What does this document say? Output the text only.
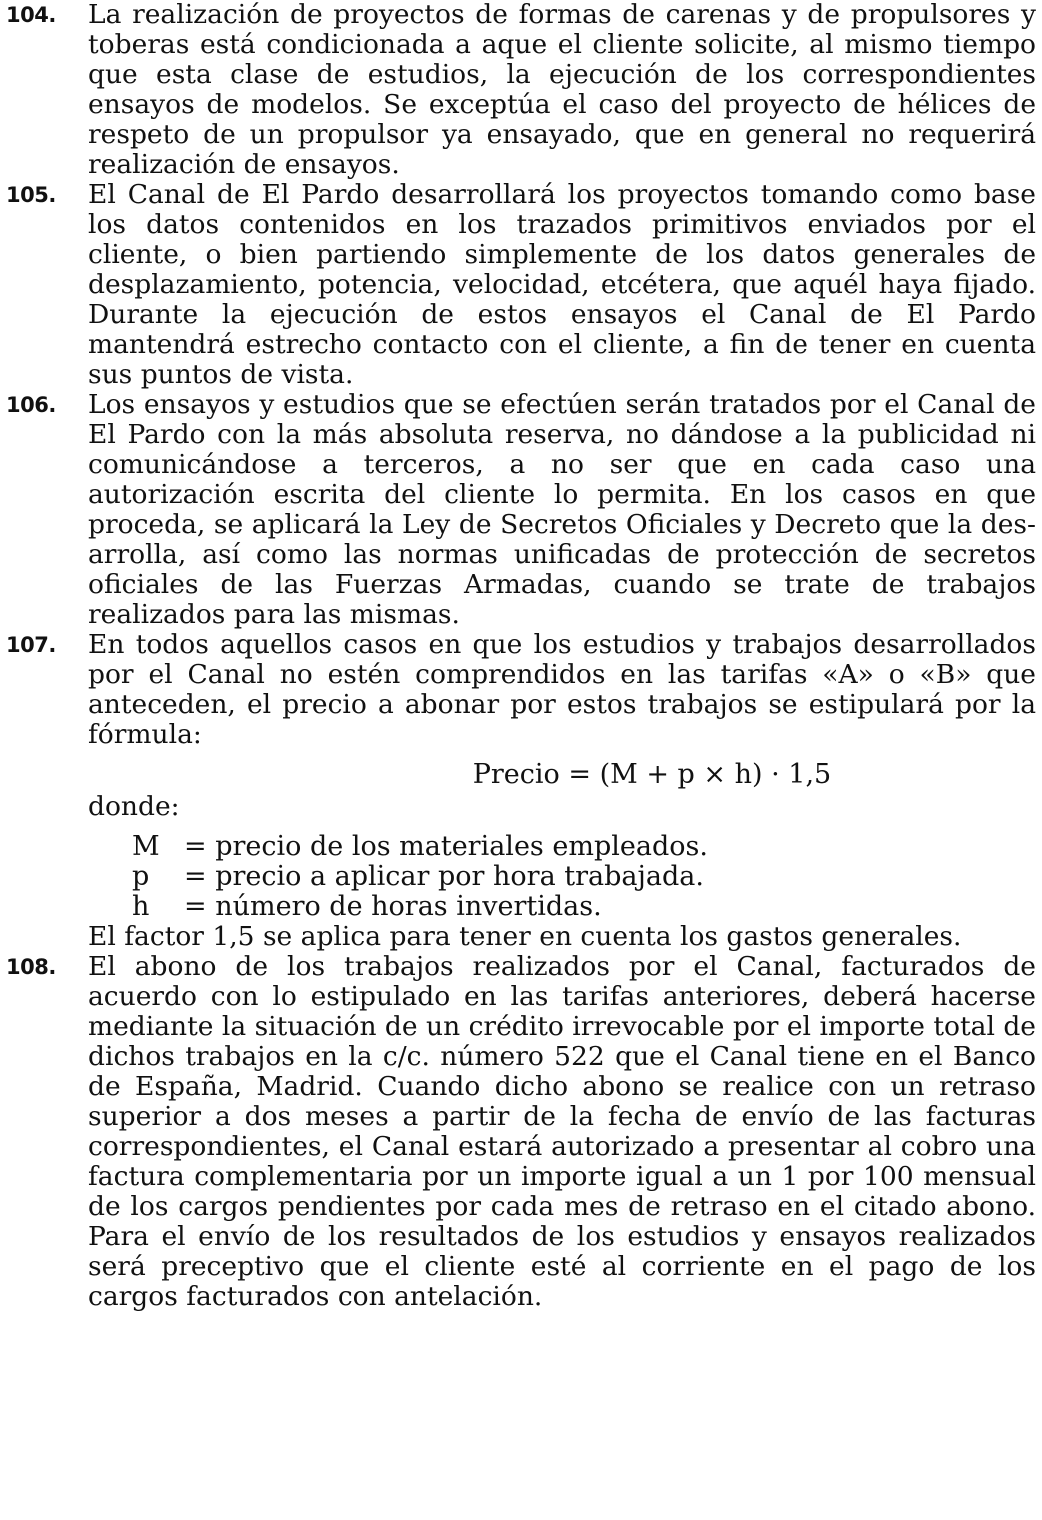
104. La realización de proyectos de formas de carenas y de propulsores y toberas está condicionada a aque el cliente solicite, al mismo tiempo que esta clase de estudios, la ejecución de los correspondientes ensayos de modelos. Se exceptúa el caso del proyecto de hélices de respeto de un propulsor ya ensayado, que en general no requerirá realización de ensayos.

105. El Canal de El Pardo desarrollará los proyectos tomando como base los datos contenidos en los trazados primitivos enviados por el cliente, o bien partiendo simplemente de los datos generales de desplazamiento, potencia, velocidad, etcétera, que aquél haya fijado. Durante la ejecución de estos ensayos el Canal de El Pardo mantendrá estrecho contacto con el cliente, a fin de tener en cuenta sus puntos de vista.

106. Los ensayos y estudios que se efectúen serán tratados por el Canal de El Pardo con la más absoluta reserva, no dándose a la publicidad ni comunicándose a terceros, a no ser que en cada caso una autorización escrita del cliente lo permita. En los casos en que proceda, se aplicará la Ley de Secretos Oficiales y Decreto que la desarrolla, así como las normas unificadas de protección de secretos oficiales de las Fuerzas Armadas, cuando se trate de trabajos realizados para las mismas.

107. En todos aquellos casos en que los estudios y trabajos desarrollados por el Canal no estén comprendidos en las tarifas «A» o «B» que anteceden, el precio a abonar por estos trabajos se estipulará por la fórmula:

Precio = (M + p × h) · 1,5

donde:

M = precio de los materiales empleados.
p	= precio a aplicar por hora trabajada.
h	= número de horas invertidas.

El factor 1,5 se aplica para tener en cuenta los gastos generales.

108. El abono de los trabajos realizados por el Canal, facturados de acuerdo con lo estipulado en las tarifas anteriores, deberá hacerse mediante la situación de un crédito irrevocable por el importe total de dichos trabajos en la c/c. número 522 que el Canal tiene en el Banco de España, Madrid. Cuando dicho abono se realice con un retraso superior a dos meses a partir de la fecha de envío de las facturas correspondientes, el Canal estará autorizado a presentar al cobro una factura complementaria por un importe igual a un 1 por 100 mensual de los cargos pendientes por cada mes de retraso en el citado abono. Para el envío de los resultados de los estudios y ensayos realizados será preceptivo que el cliente esté al corriente en el pago de los cargos facturados con antelación.
